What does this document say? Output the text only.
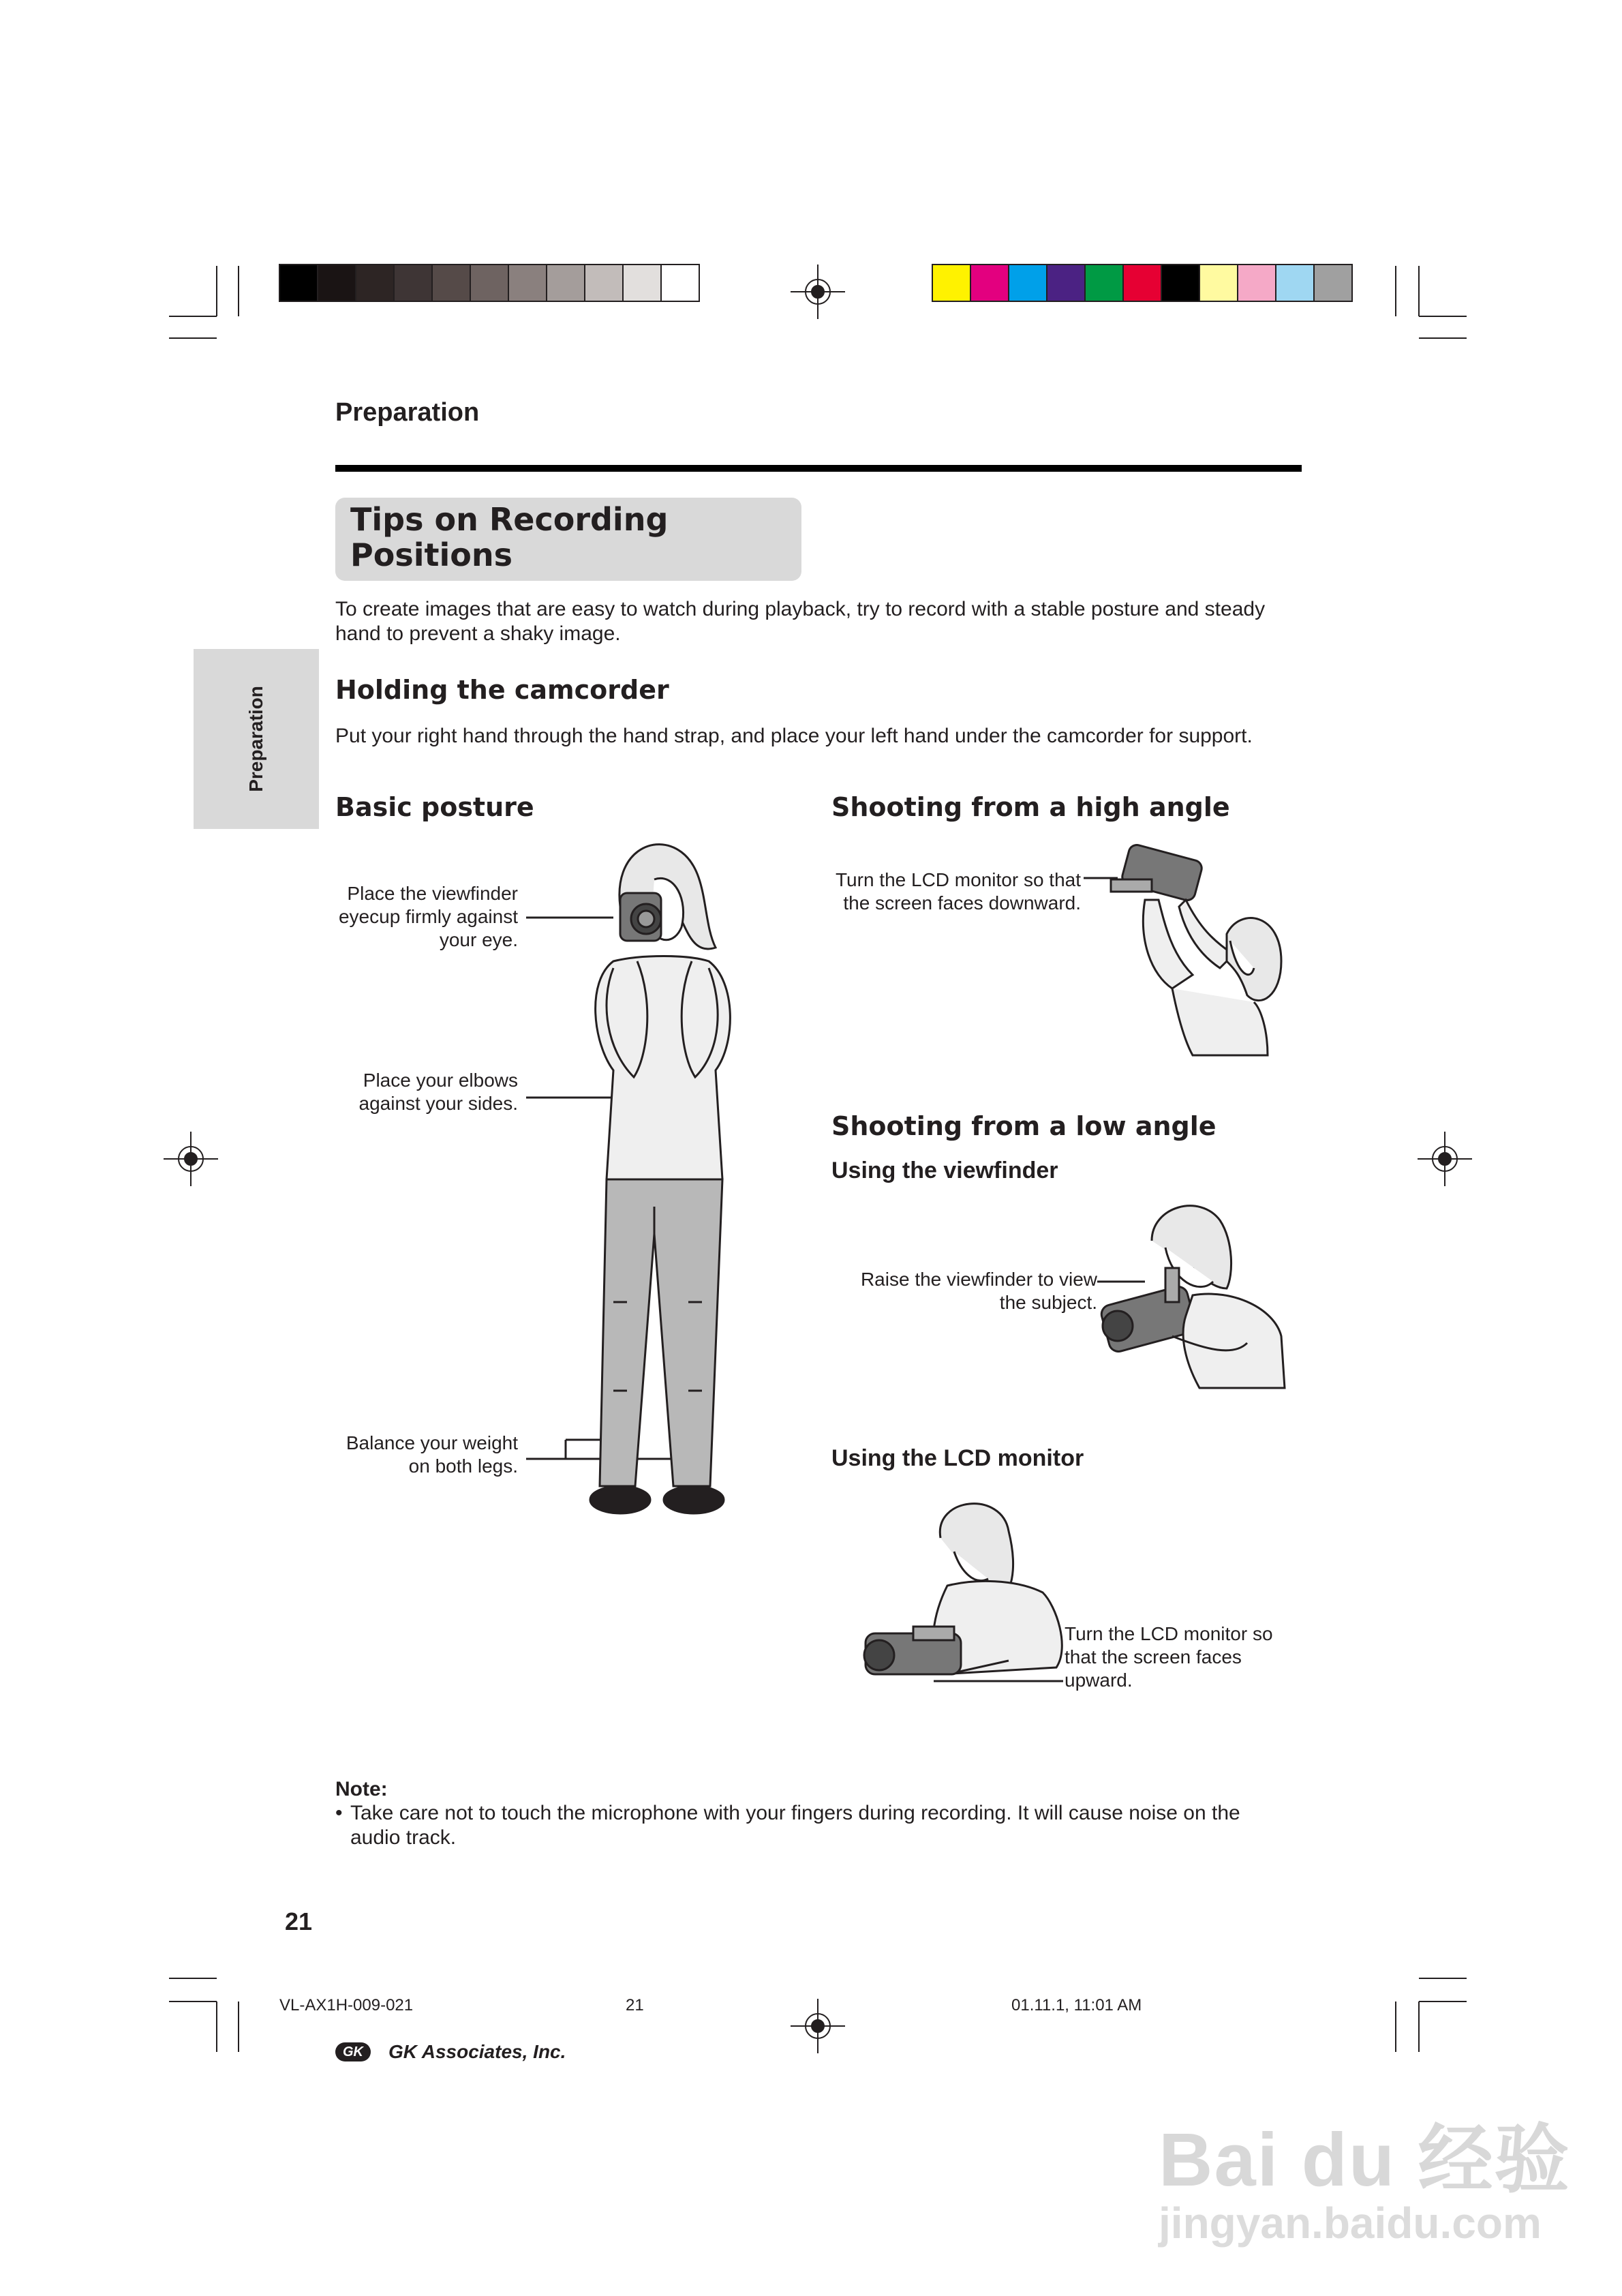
Preparation
Preparation
Tips on Recording
Positions
To create images that are easy to watch during playback, try to record with a stable posture and steady hand to prevent a shaky image.
Holding the camcorder
Put your right hand through the hand strap, and place your left hand under the camcorder for support.
Basic posture
Place the viewfinder eyecup firmly against your eye.
Place your elbows against your sides.
Balance your weight on both legs.
Shooting from a high angle
Turn the LCD monitor so that the screen faces downward.
Shooting from a low angle
Using the viewfinder
Raise the viewfinder to view the subject.
Using the LCD monitor
Turn the LCD monitor so that the screen faces upward.
Note:
• Take care not to touch the microphone with your fingers during recording. It will cause noise on the audio track.
21
VL-AX1H-009-021	21	01.11.1, 11:01 AM
GK	GK Associates, Inc.
Bai du 经验
jingyan.baidu.com
